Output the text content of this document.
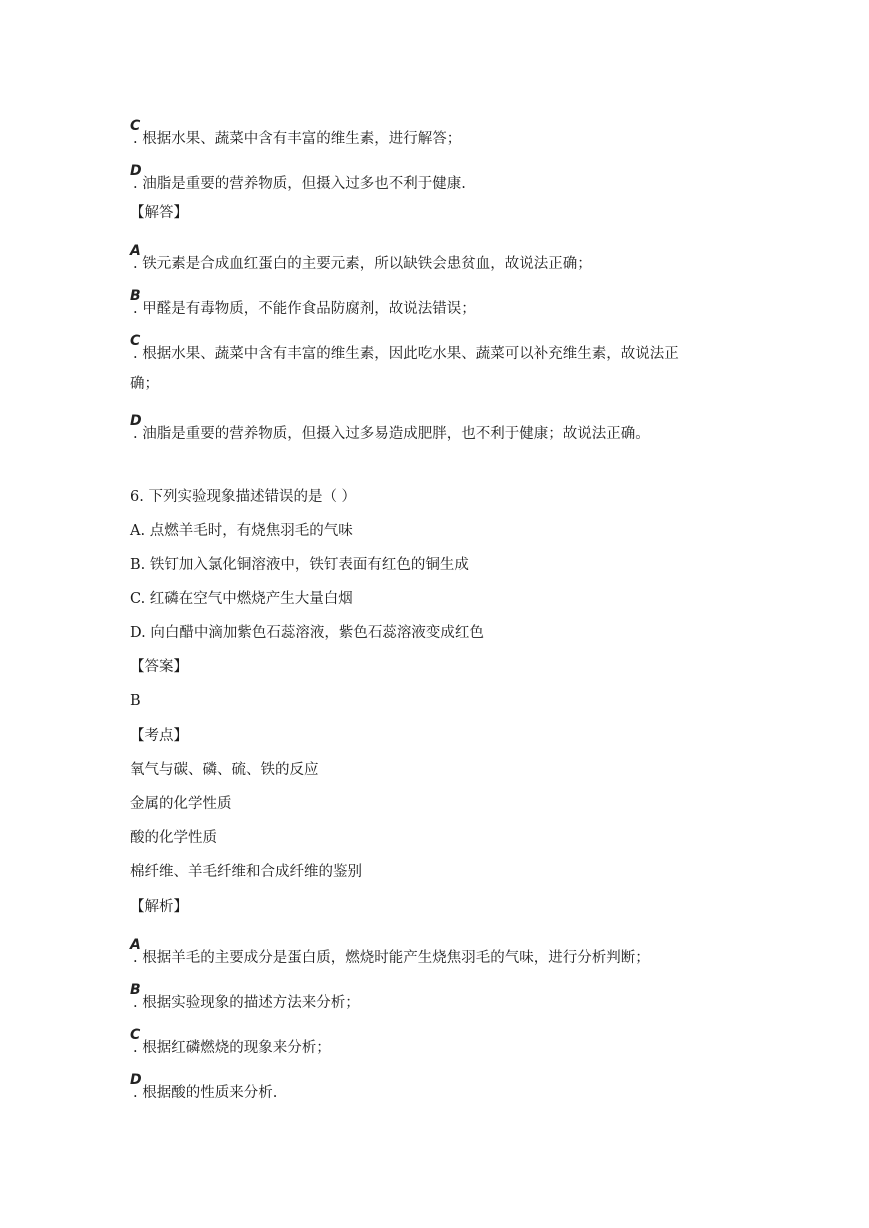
C
. 根据水果、蔬菜中含有丰富的维生素，进行解答；
D
. 油脂是重要的营养物质，但摄入过多也不利于健康.
【解答】
A
. 铁元素是合成血红蛋白的主要元素，所以缺铁会患贫血，故说法正确；
B
. 甲醛是有毒物质，不能作食品防腐剂，故说法错误；
C
. 根据水果、蔬菜中含有丰富的维生素，因此吃水果、蔬菜可以补充维生素，故说法正
确；
D
. 油脂是重要的营养物质，但摄入过多易造成肥胖，也不利于健康；故说法正确。
6. 下列实验现象描述错误的是（ ）
A. 点燃羊毛时，有烧焦羽毛的气味
B. 铁钉加入氯化铜溶液中，铁钉表面有红色的铜生成
C. 红磷在空气中燃烧产生大量白烟
D. 向白醋中滴加紫色石蕊溶液，紫色石蕊溶液变成红色
【答案】
B
【考点】
氧气与碳、磷、硫、铁的反应
金属的化学性质
酸的化学性质
棉纤维、羊毛纤维和合成纤维的鉴别
【解析】
A
. 根据羊毛的主要成分是蛋白质，燃烧时能产生烧焦羽毛的气味，进行分析判断；
B
. 根据实验现象的描述方法来分析；
C
. 根据红磷燃烧的现象来分析；
D
. 根据酸的性质来分析.
